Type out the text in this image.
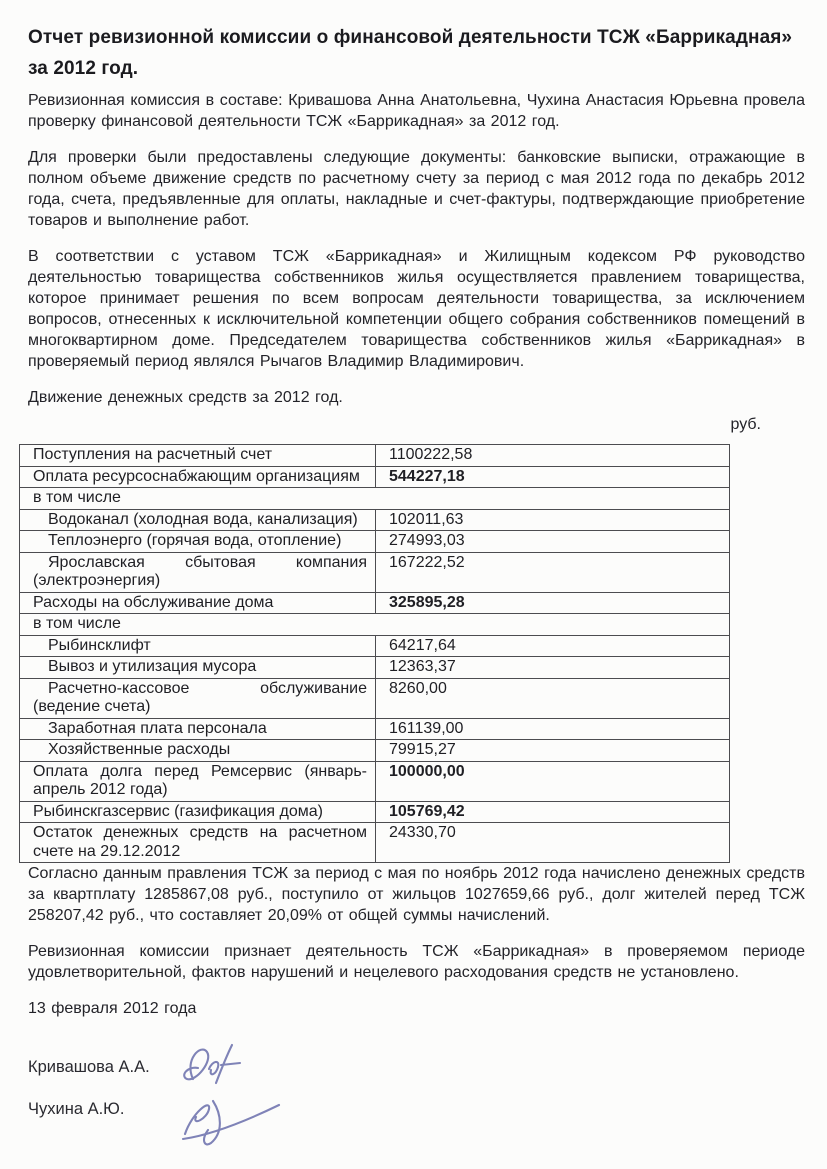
Отчет ревизионной комиссии о финансовой деятельности ТСЖ «Баррикадная» за 2012 год.

Ревизионная комиссия в составе: Кривашова Анна Анатольевна, Чухина Анастасия Юрьевна провела проверку финансовой деятельности ТСЖ «Баррикадная» за 2012 год.

Для проверки были предоставлены следующие документы: банковские выписки, отражающие в полном объеме движение средств по расчетному счету за период с мая 2012 года по декабрь 2012 года, счета, предъявленные для оплаты, накладные и счет-фактуры, подтверждающие приобретение товаров и выполнение работ.

В соответствии с уставом ТСЖ «Баррикадная» и Жилищным кодексом РФ руководство деятельностью товарищества собственников жилья осуществляется правлением товарищества, которое принимает решения по всем вопросам деятельности товарищества, за исключением вопросов, отнесенных к исключительной компетенции общего собрания собственников помещений в многоквартирном доме. Председателем товарищества собственников жилья «Баррикадная» в проверяемый период являлся Рычагов Владимир Владимирович.

Движение денежных средств за 2012 год.

руб.
Поступления на расчетный счет	1100222,58
Оплата ресурсоснабжающим организациям	544227,18
в том числе	
Водоканал (холодная вода, канализация)	102011,63
Теплоэнерго (горячая вода, отопление)	274993,03
Ярославская сбытовая компания (электроэнергия)	167222,52
Расходы на обслуживание дома	325895,28
в том числе	
Рыбинсклифт	64217,64
Вывоз и утилизация мусора	12363,37
Расчетно-кассовое обслуживание (ведение счета)	8260,00
Заработная плата персонала	161139,00
Хозяйственные расходы	79915,27
Оплата долга перед Ремсервис (январь-апрель 2012 года)	100000,00
Рыбинскгазсервис (газификация дома)	105769,42
Остаток денежных средств на расчетном счете на 29.12.2012	24330,70

Согласно данным правления ТСЖ за период с мая по ноябрь 2012 года начислено денежных средств за квартплату 1285867,08 руб., поступило от жильцов 1027659,66 руб., долг жителей перед ТСЖ 258207,42 руб., что составляет 20,09% от общей суммы начислений.

Ревизионная комиссии признает деятельность ТСЖ «Баррикадная» в проверяемом периоде удовлетворительной, фактов нарушений и нецелевого расходования средств не установлено.

13 февраля 2012 года

Кривашова А.А.

Чухина А.Ю.
